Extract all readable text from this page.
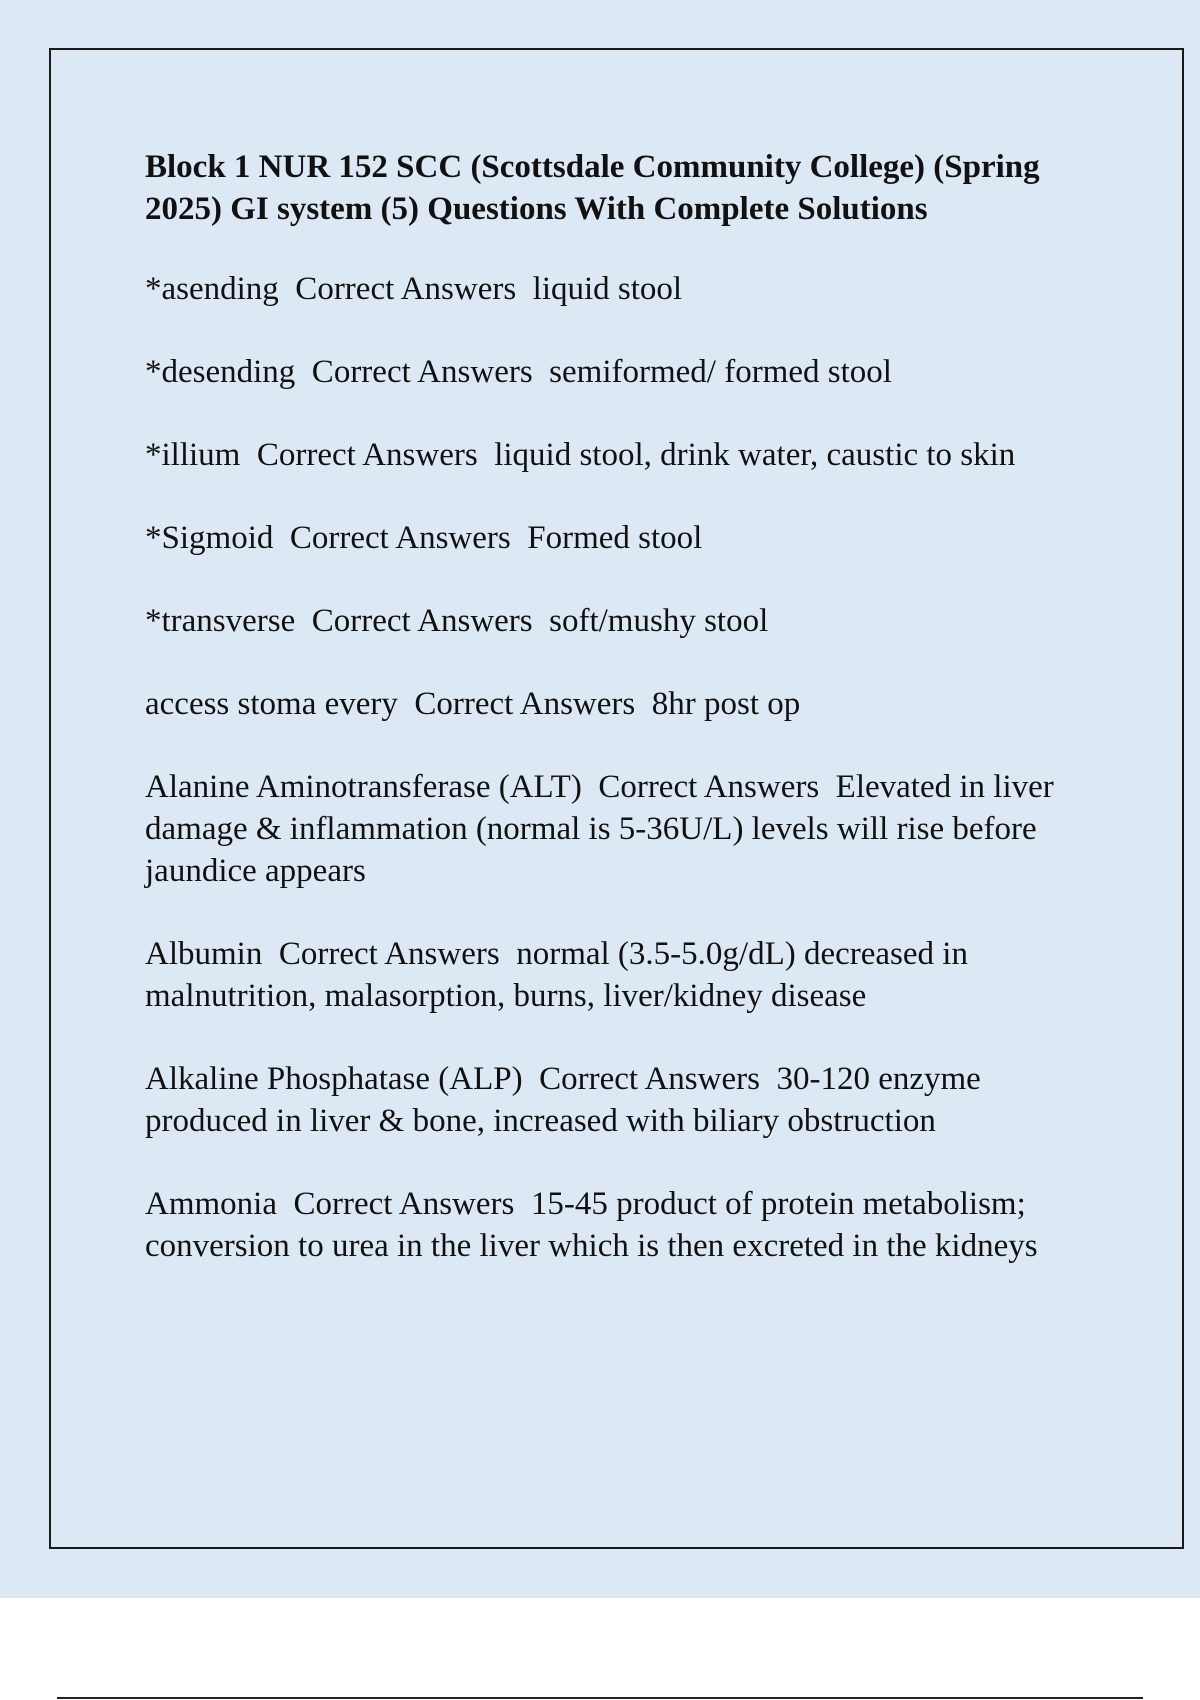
Block 1 NUR 152 SCC (Scottsdale Community College) (Spring 2025) GI system (5) Questions With Complete Solutions

*asending  Correct Answers  liquid stool

*desending  Correct Answers  semiformed/ formed stool

*illium  Correct Answers  liquid stool, drink water, caustic to skin

*Sigmoid  Correct Answers  Formed stool

*transverse  Correct Answers  soft/mushy stool

access stoma every  Correct Answers  8hr post op

Alanine Aminotransferase (ALT)  Correct Answers  Elevated in liver damage & inflammation (normal is 5-36U/L) levels will rise before jaundice appears

Albumin  Correct Answers  normal (3.5-5.0g/dL) decreased in malnutrition, malasorption, burns, liver/kidney disease

Alkaline Phosphatase (ALP)  Correct Answers  30-120 enzyme produced in liver & bone, increased with biliary obstruction

Ammonia  Correct Answers  15-45 product of protein metabolism; conversion to urea in the liver which is then excreted in the kidneys
